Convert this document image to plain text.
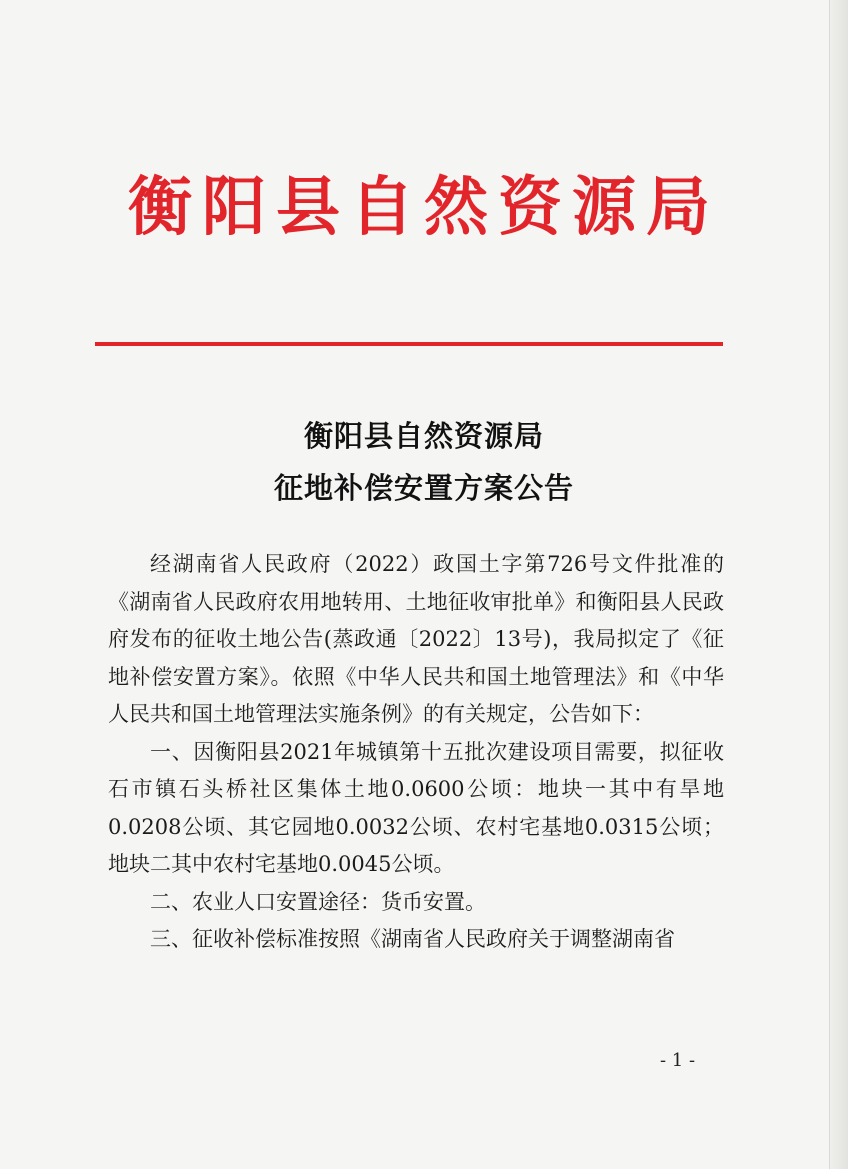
衡阳县自然资源局
衡阳县自然资源局
征地补偿安置方案公告

经湖南省人民政府（2022）政国土字第726号文件批准的《湖南省人民政府农用地转用、土地征收审批单》和衡阳县人民政府发布的征收土地公告(蒸政通〔2022〕13号)，我局拟定了《征地补偿安置方案》。依照《中华人民共和国土地管理法》和《中华人民共和国土地管理法实施条例》的有关规定，公告如下：

一、因衡阳县2021年城镇第十五批次建设项目需要，拟征收石市镇石头桥社区集体土地0.0600公顷：地块一其中有旱地0.0208公顷、其它园地0.0032公顷、农村宅基地0.0315公顷；地块二其中农村宅基地0.0045公顷。

二、农业人口安置途径：货币安置。

三、征收补偿标准按照《湖南省人民政府关于调整湖南省

- 1 -
